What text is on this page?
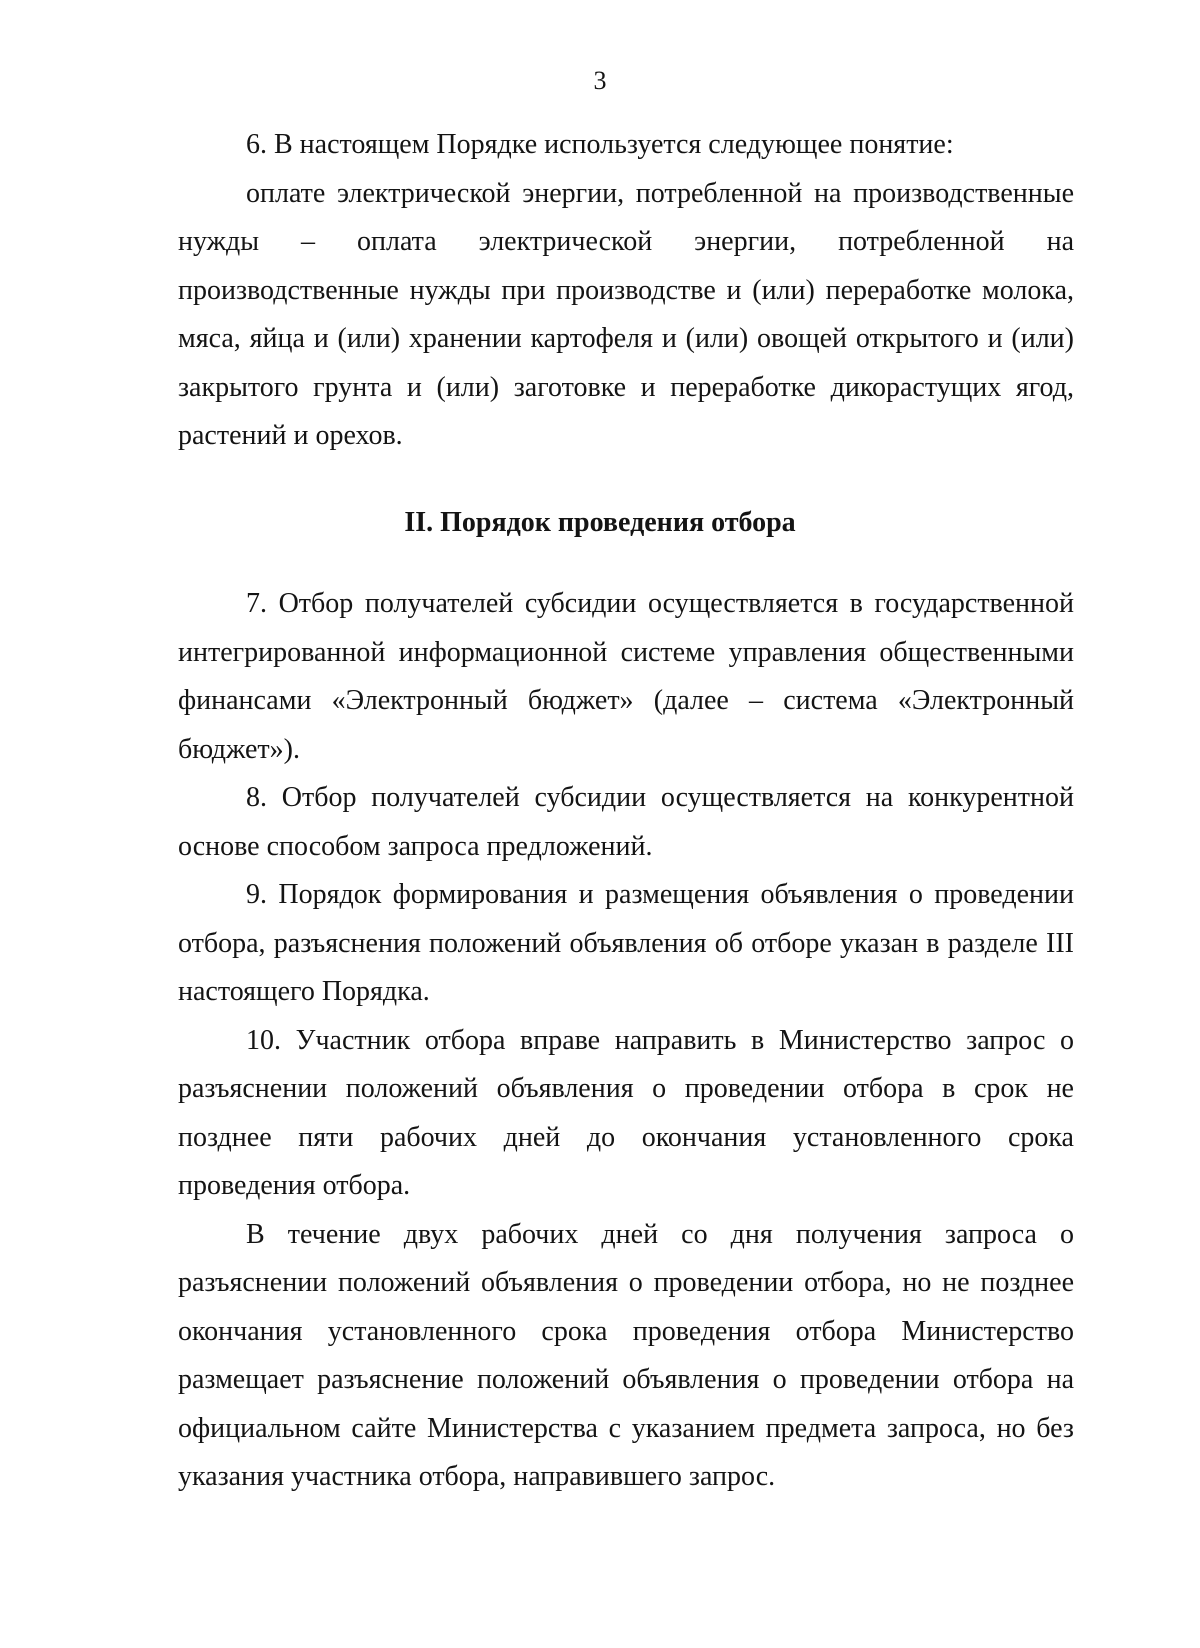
3

6. В настоящем Порядке используется следующее понятие:

оплате электрической энергии, потребленной на производственные нужды – оплата электрической энергии, потребленной на производственные нужды при производстве и (или) переработке молока, мяса, яйца и (или) хранении картофеля и (или) овощей открытого и (или) закрытого грунта и (или) заготовке и переработке дикорастущих ягод, растений и орехов.

II. Порядок проведения отбора

7. Отбор получателей субсидии осуществляется в государственной интегрированной информационной системе управления общественными финансами «Электронный бюджет» (далее – система «Электронный бюджет»).

8. Отбор получателей субсидии осуществляется на конкурентной основе способом запроса предложений.

9. Порядок формирования и размещения объявления о проведении отбора, разъяснения положений объявления об отборе указан в разделе III настоящего Порядка.

10. Участник отбора вправе направить в Министерство запрос о разъяснении положений объявления о проведении отбора в срок не позднее пяти рабочих дней до окончания установленного срока проведения отбора.

В течение двух рабочих дней со дня получения запроса о разъяснении положений объявления о проведении отбора, но не позднее окончания установленного срока проведения отбора Министерство размещает разъяснение положений объявления о проведении отбора на официальном сайте Министерства с указанием предмета запроса, но без указания участника отбора, направившего запрос.
